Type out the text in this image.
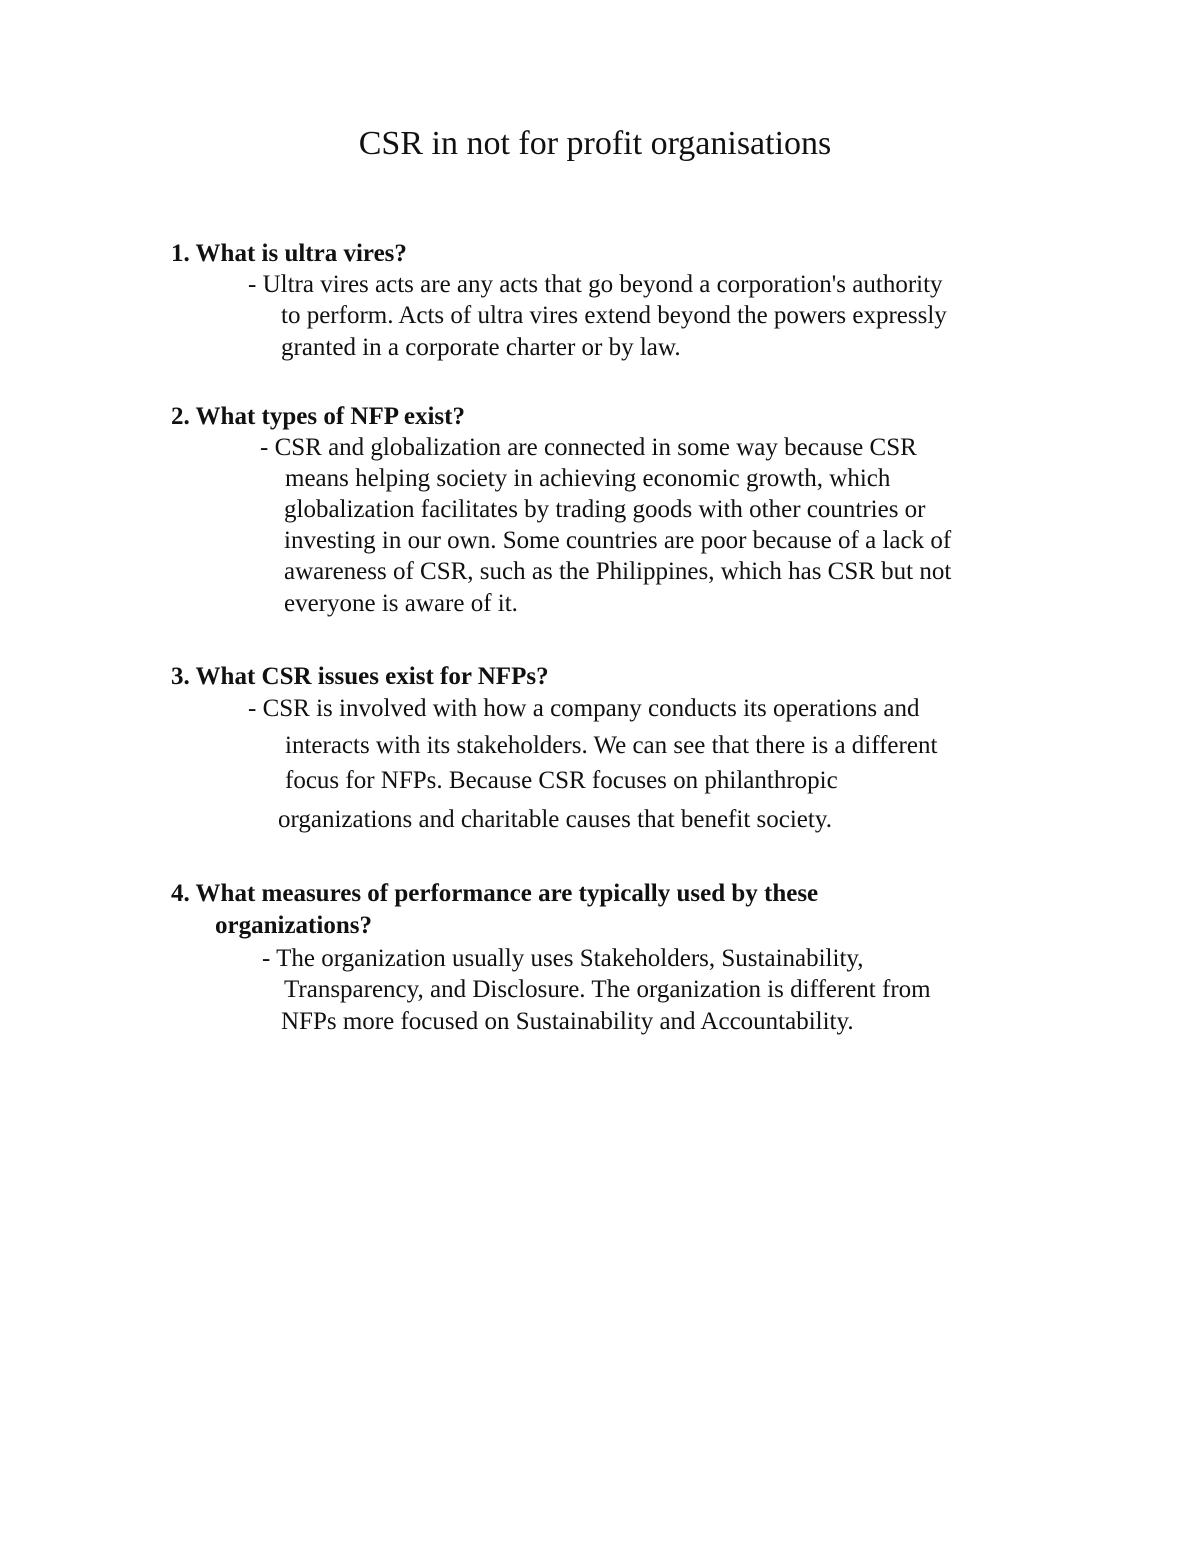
CSR in not for profit organisations

1. What is ultra vires?

- Ultra vires acts are any acts that go beyond a corporation's authority

to perform. Acts of ultra vires extend beyond the powers expressly

granted in a corporate charter or by law.

2. What types of NFP exist?

- CSR and globalization are connected in some way because CSR

means helping society in achieving economic growth, which

globalization facilitates by trading goods with other countries or

investing in our own. Some countries are poor because of a lack of

awareness of CSR, such as the Philippines, which has CSR but not

everyone is aware of it.

3. What CSR issues exist for NFPs?

- CSR is involved with how a company conducts its operations and

interacts with its stakeholders. We can see that there is a different

focus for NFPs. Because CSR focuses on philanthropic

organizations and charitable causes that benefit society.

4. What measures of performance are typically used by these

organizations?

- The organization usually uses Stakeholders, Sustainability,

Transparency, and Disclosure. The organization is different from

NFPs more focused on Sustainability and Accountability.
